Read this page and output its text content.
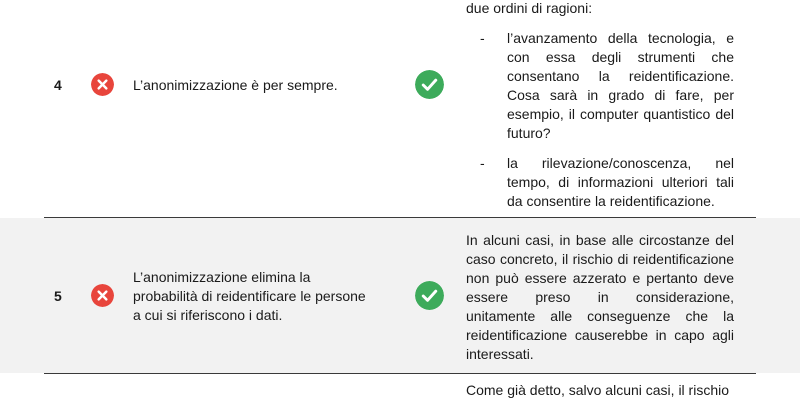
4	L’anonimizzazione è per sempre.
due ordini di ragioni:
- l’avanzamento della tecnologia, e con essa degli strumenti che consentano la reidentificazione. Cosa sarà in grado di fare, per esempio, il computer quantistico del futuro?
- la rilevazione/conoscenza, nel tempo, di informazioni ulteriori tali da consentire la reidentificazione.
5
L’anonimizzazione elimina la probabilità di reidentificare le persone a cui si riferiscono i dati.
In alcuni casi, in base alle circostanze del caso concreto, il rischio di reidentificazione non può essere azzerato e pertanto deve essere preso in considerazione, unitamente alle conseguenze che la reidentificazione causerebbe in capo agli interessati.
Come già detto, salvo alcuni casi, il rischio
